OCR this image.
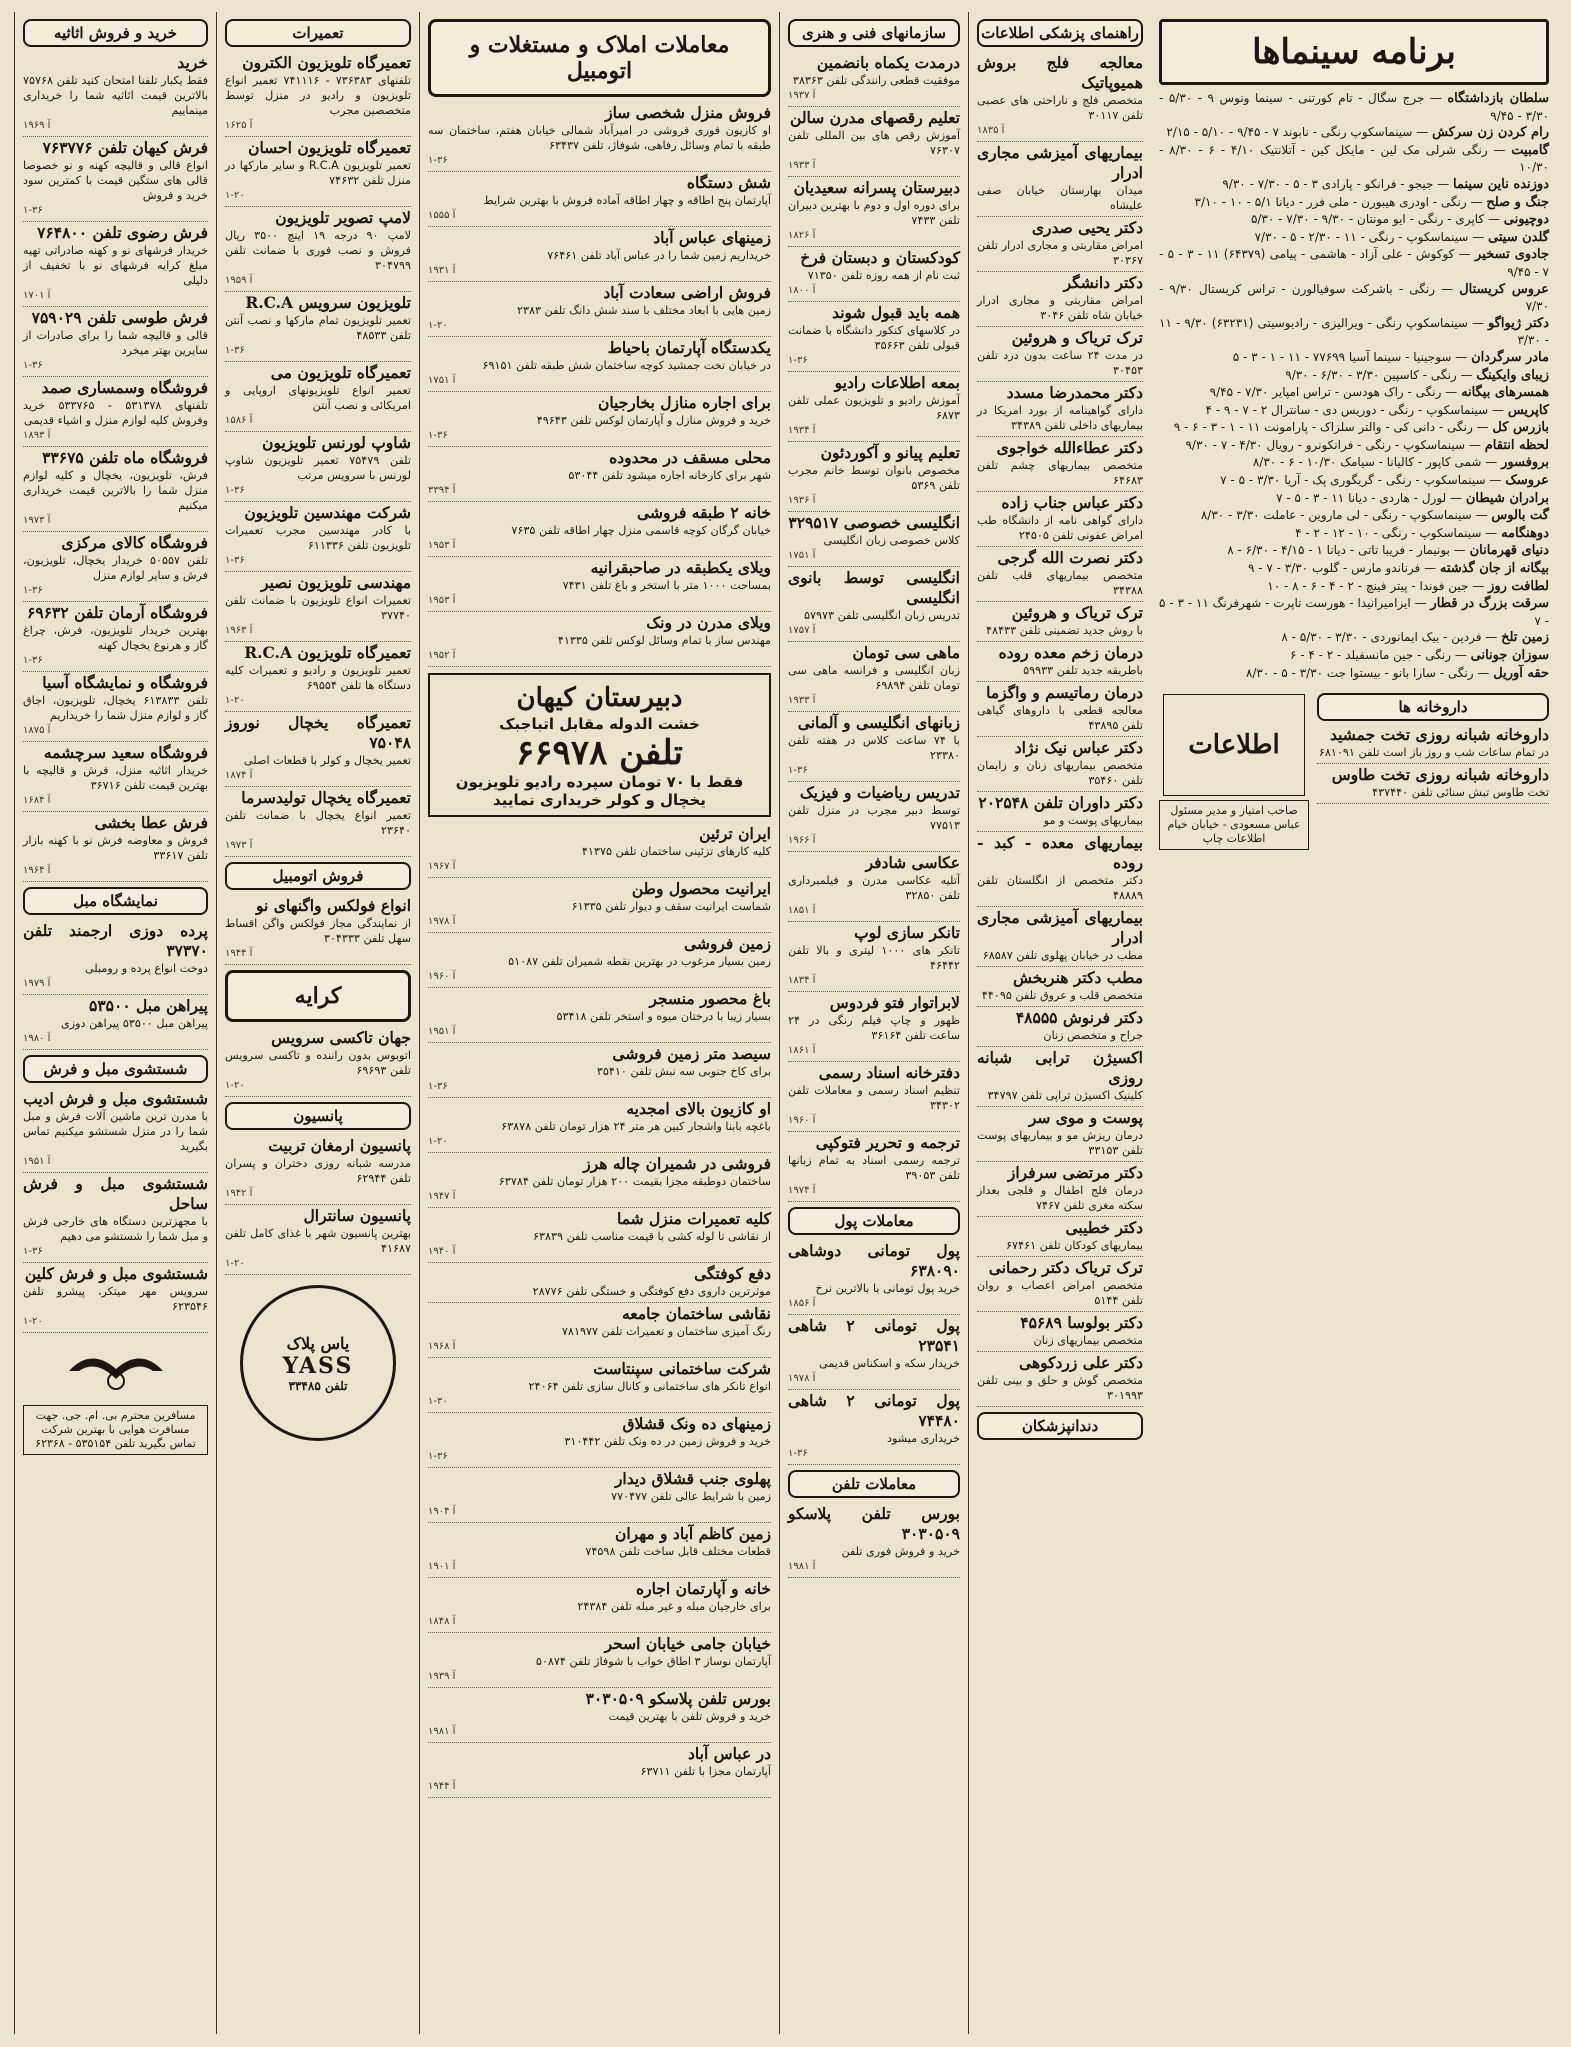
خرید و فروش اثاثیه
خرید
فقط یکبار تلفنا امتحان کنید تلفن ۷۵۷۶۸ بالاترین قیمت اثاثیه شما را خریداری مینماییم
آ ۱۹۶۹
فرش کیهان تلفن ۷۶۳۷۷۶
انواع قالی و قالیچه کهنه و نو خصوصا قالی های ستگین قیمت با کمترین سود خرید و فروش
۱-۳۶
فرش رضوی تلفن ۷۶۴۸۰۰
خریدار فرشهای نو و کهنه صادراتی تهیه مبلغ کرایه فرشهای نو با تخفیف از دلیلی
آ ۱۷۰۱
فرش طوسی تلفن ۷۵۹۰۲۹
قالی و قالیچه شما را برای صادرات از سایرین بهتر میخرد
۱-۳۶
فروشگاه وسمساری صمد
تلفنهای ۵۳۱۳۷۸ - ۵۳۳۷۶۵ خرید وفروش کلیه لوازم منزل و اشیاء قدیمی
آ ۱۸۹۳
فروشگاه ماه تلفن ۳۳۶۷۵
فرش، تلویزیون، یخچال و کلیه لوازم منزل شما را بالاترین قیمت خریداری میکنیم
آ ۱۹۷۳
فروشگاه کالای مرکزی
تلفن ۵۰۵۵۷ خریدار یخچال، تلویزیون، فرش و سایر لوازم منزل
۱-۳۶
فروشگاه آرمان تلفن ۶۹۶۳۲
بهترین خریدار تلویزیون، فرش، چراغ گاز و هرنوع یخچال کهنه
۱-۳۶
فروشگاه و نمایشگاه آسیا
تلفن ۶۱۳۸۳۳ یخچال، تلویزیون، اجاق گاز و لوازم منزل شما را خریداریم
آ ۱۸۷۵
فروشگاه سعید سرچشمه
خریدار اثاثیه منزل، فرش و قالیچه با بهترین قیمت تلفن ۳۶۷۱۶
آ ۱۶۸۴
فرش عطا بخشی
فروش و معاوضه فرش نو با کهنه بازار تلفن ۳۳۶۱۷
آ ۱۹۶۴
نمایشگاه مبل
پرده دوزی ارجمند تلفن ۳۷۳۷۰
دوخت انواع پرده و رومبلی
آ ۱۹۷۹
پیراهن مبل ۵۳۵۰۰
پیراهن مبل ۵۳۵۰۰ پیراهن دوزی
آ ۱۹۸۰
شستشوی مبل و فرش
شستشوی مبل و فرش ادیب
با مدرن ترین ماشین آلات فرش و مبل شما را در منزل شستشو میکنیم تماس بگیرید
آ ۱۹۵۱
شستشوی مبل و فرش ساحل
با مجهزترین دستگاه های خارجی فرش و مبل شما را شستشو می دهیم
۱-۳۶
شستشوی مبل و فرش کلین
سرویس مهر میتکر، پیشرو تلفن ۶۲۳۵۴۶
۱-۲۰
مسافرین محترم بی. ام. جی. جهت مسافرت هوایی با بهترین شرکت تماس بگیرید تلفن ۵۳۵۱۵۴ - ۶۲۳۶۸
تعمیرات
تعمیرگاه تلویزیون الکترون
تلفنهای ۷۳۶۳۸۳ - ۷۴۱۱۱۶ تعمیر انواع تلویزیون و رادیو در منزل توسط متخصصین مجرب
آ ۱۶۲۵
تعمیرگاه تلویزیون احسان
تعمیر تلویزیون R.C.A و سایر مارکها در منزل تلفن ۷۴۶۳۲
۱-۲۰
لامپ تصویر تلویزیون
لامپ ۹۰ درجه ۱۹ اینچ ۳۵۰۰ ریال فروش و نصب فوری با ضمانت تلفن ۳۰۴۷۹۹
آ ۱۹۵۹
تلویزیون سرویس R.C.A
تعمیر تلویزیون تمام مارکها و نصب آنتن تلفن ۴۸۵۳۳
۱-۳۶
تعمیرگاه تلویزیون می
تعمیر انواع تلویزیونهای اروپایی و امریکائی و نصب آنتن
آ ۱۵۸۶
شاوپ لورنس تلویزیون
تلفن ۷۵۴۷۹ تعمیر تلویزیون شاوپ لورنس با سرویس مرتب
۱-۳۶
شرکت مهندسین تلویزیون
با کادر مهندسین مجرب تعمیرات تلویزیون تلفن ۶۱۱۳۳۶
۱-۳۶
مهندسی تلویزیون نصیر
تعمیرات انواع تلویزیون با ضمانت تلفن ۳۷۷۴۰
آ ۱۹۶۳
تعمیرگاه تلویزیون R.C.A
تعمیر تلویزیون و رادیو و تعمیرات کلیه دستگاه ها تلفن ۶۹۵۵۴
۱-۲۰
تعمیرگاه یخچال نوروز ۷۵۰۴۸
تعمیر یخچال و کولر با قطعات اصلی
آ ۱۸۷۴
تعمیرگاه یخچال تولیدسرما
تعمیر انواع یخچال با ضمانت تلفن ۲۳۶۴۰
آ ۱۹۷۳
فروش اتومبیل
انواع فولکس واگنهای نو
از نمایندگی مجاز فولکس واگن اقساط سهل تلفن ۳۰۴۳۳۳
آ ۱۹۴۴
کرایه
جهان تاکسی سرویس
اتوبوس بدون راننده و تاکسی سرویس تلفن ۶۹۶۹۳
۱-۲۰
پانسیون
پانسیون ارمغان تربیت
مدرسه شبانه روزی دختران و پسران تلفن ۶۲۹۴۴
آ ۱۹۴۲
پانسیون سانترال
بهترین پانسیون شهر با غذای کامل تلفن ۴۱۶۸۷
۱-۲۰
یاس پلاک
YASS
تلفن ۳۳۴۸۵
معاملات املاک و مستغلات و اتومبیل
فروش منزل شخصی ساز
او کازیون فوری فروشی در امیرآباد شمالی خیابان هفتم، ساختمان سه طبقه با تمام وسائل رفاهی، شوفاژ، تلفن ۶۳۴۳۷
۱-۳۶
شش دستگاه
آپارتمان پنج اطاقه و چهار اطاقه آماده فروش با بهترین شرایط
آ ۱۵۵۵
زمینهای عباس آباد
خریداریم زمین شما را در عباس آباد تلفن ۷۶۴۶۱
آ ۱۹۳۱
فروش اراضی سعادت آباد
زمین هایی با ابعاد مختلف با سند شش دانگ تلفن ۲۳۸۳
۱-۲۰
یکدستگاه آپارتمان باحیاط
در خیابان تخت جمشید کوچه ساختمان شش طبقه تلفن ۶۹۱۵۱
آ ۱۷۵۱
برای اجاره منازل بخارجیان
خرید و فروش منازل و آپارتمان لوکس تلفن ۴۹۶۴۳
۱-۳۶
محلی مسقف در محدوده
شهر برای کارخانه اجاره میشود تلفن ۵۳۰۴۴
آ ۳۳۹۴
خانه ۲ طبقه فروشی
خیابان گرگان کوچه قاسمی منزل چهار اطاقه تلفن ۷۶۳۵
آ ۱۹۵۳
ویلای یکطبقه در صاحبقرانیه
بمساحت ۱۰۰۰ متر با استخر و باغ تلفن ۷۴۳۱
آ ۱۹۵۳
ویلای مدرن در ونک
مهندس ساز با تمام وسائل لوکس تلفن ۴۱۳۳۵
آ ۱۹۵۲
دبیرستان کیهان
خشت الدوله مقابل اتباجبک
تلفن ۶۶۹۷۸
فقط با ۷۰ تومان سپرده رادیو تلویزیون یخچال و کولر خریداری نمایید
ایران ترئین
کلیه کارهای تزئینی ساختمان تلفن ۴۱۳۷۵
آ ۱۹۶۷
ایرانیت محصول وطن
شماست ایرانیت سقف و دیوار تلفن ۶۱۳۳۵
آ ۱۹۷۸
زمین فروشی
زمین بسیار مرغوب در بهترین نقطه شمیران تلفن ۵۱۰۸۷
آ ۱۹۶۰
باغ محصور منسجر
بسیار زیبا با درختان میوه و استخر تلفن ۵۳۴۱۸
آ ۱۹۵۱
سیصد متر زمین فروشی
برای کاخ جنوبی سه نبش تلفن ۳۵۴۱۰
۱-۳۶
او کازیون بالای امجدیه
باغچه بابنا واشجار کبین هر متر ۲۴ هزار تومان تلفن ۶۳۸۷۸
۱-۲۰
فروشی در شمیران چاله هرز
ساختمان دوطبقه مجزا بقیمت ۲۰۰ هزار تومان تلفن ۶۳۷۸۴
آ ۱۹۴۷
کلیه تعمیرات منزل شما
از نقاشی تا لوله کشی با قیمت مناسب تلفن ۶۳۸۳۹
آ ۱۹۴۰
دفع کوفتگی
موثرترین داروی دفع کوفتگی و خستگی تلفن ۲۸۷۷۶
نقاشی ساختمان جامعه
رنگ آمیزی ساختمان و تعمیرات تلفن ۷۸۱۹۷۷
آ ۱۹۶۸
شرکت ساختمانی سپنتاست
انواع تانکر های ساختمانی و کانال سازی تلفن ۲۴۰۶۴
۱-۳۰
زمینهای ده ونک قشلاق
خرید و فروش زمین در ده ونک تلفن ۳۱۰۴۴۲
۱-۳۶
پهلوی جنب قشلاق دیدار
زمین با شرایط عالی تلفن ۷۷۰۴۷۷
آ ۱۹۰۴
زمین کاظم آباد و مهران
قطعات مختلف قابل ساخت تلفن ۷۴۵۹۸
آ ۱۹۰۱
خانه و آپارتمان اجاره
برای خارجیان مبله و غیر مبله تلفن ۲۴۳۸۴
آ ۱۸۴۸
خیابان جامی خیابان اسحر
آپارتمان نوساز ۳ اطاق خواب با شوفاژ تلفن ۵۰۸۷۴
آ ۱۹۳۹
بورس تلفن پلاسکو ۳۰۳۰۵۰۹
خرید و فروش تلفن با بهترین قیمت
آ ۱۹۸۱
در عباس آباد
آپارتمان مجزا با تلفن ۶۳۷۱۱
آ ۱۹۴۴
سازمانهای فنی و هنری
درمدت یکماه بانضمین
موفقیت قطعی رانندگی تلفن ۳۸۳۶۳
آ ۱۹۳۷
تعلیم رقصهای مدرن سالن
آموزش رقص های بین المللی تلفن ۷۶۳۰۷
آ ۱۹۳۳
دبیرستان پسرانه سعیدیان
برای دوره اول و دوم با بهترین دبیران تلفن ۷۴۳۳
آ ۱۸۲۶
کودکستان و دبستان فرخ
ثبت نام از همه روزه تلفن ۷۱۳۵۰
آ ۱۸۰۰
همه باید قبول شوند
در کلاسهای کنکور دانشگاه با ضمانت قبولی تلفن ۳۵۶۶۳
۱-۳۶
بمعه اطلاعات رادیو
آموزش رادیو و تلویزیون عملی تلفن ۶۸۷۳
آ ۱۹۳۴
تعلیم پیانو و آکوردئون
مخصوص بانوان توسط خانم مجرب تلفن ۵۳۶۹
آ ۱۹۳۶
انگلیسی خصوصی ۳۲۹۵۱۷
کلاس خصوصی زبان انگلیسی
آ ۱۷۵۱
انگلیسی توسط بانوی انگلیسی
تدریس زبان انگلیسی تلفن ۵۷۹۷۳
آ ۱۷۵۷
ماهی سی تومان
زبان انگلیسی و فرانسه ماهی سی تومان تلفن ۶۹۸۹۴
آ ۱۹۳۳
زبانهای انگلیسی و آلمانی
با ۷۴ ساعت کلاس در هفته تلفن ۲۳۳۸۰
۱-۳۶
تدریس ریاضیات و فیزیک
توسط دبیر مجرب در منزل تلفن ۷۷۵۱۳
آ ۱۹۶۶
عکاسی شادفر
آتلیه عکاسی مدرن و فیلمبرداری تلفن ۳۲۸۵۰
آ ۱۸۵۱
تانکر سازی لوپ
تانکر های ۱۰۰۰ لیتری و بالا تلفن ۴۶۴۴۲
آ ۱۸۳۴
لابراتوار فتو فردوس
ظهور و چاپ فیلم رنگی در ۲۴ ساعت تلفن ۳۶۱۶۴
آ ۱۸۶۱
دفترخانه اسناد رسمی
تنظیم اسناد رسمی و معاملات تلفن ۳۴۳۰۲
آ ۱۹۶۰
ترجمه و تحریر فتوکپی
ترجمه رسمی اسناد به تمام زبانها تلفن ۳۹۰۵۳
آ ۱۹۷۴
معاملات پول
پول تومانی دوشاهی ۶۳۸۰۹۰
خرید پول تومانی با بالاترین نرخ
آ ۱۸۵۶
پول تومانی ۲ شاهی ۲۳۵۴۱
خریدار سکه و اسکناس قدیمی
آ ۱۹۷۸
پول تومانی ۲ شاهی ۷۴۴۸۰
خریداری میشود
۱-۳۶
معاملات تلفن
بورس تلفن پلاسکو ۳۰۳۰۵۰۹
خرید و فروش فوری تلفن
آ ۱۹۸۱
راهنمای پزشکی اطلاعات
معالجه فلج بروش همیوپاتیک
متخصص فلج و ناراحتی های عصبی تلفن ۳۰۱۱۷
آ ۱۸۳۵
بیماریهای آمیزشی مجاری ادرار
میدان بهارستان خیابان صفی علیشاه
دکتر یحیی صدری
امراض مقاربتی و مجاری ادرار تلفن ۳۰۳۶۷
دکتر دانشگر
امراض مقاربتی و مجاری ادرار خیابان شاه تلفن ۳۰۴۶
ترک تریاک و هروئین
در مدت ۲۴ ساعت بدون درد تلفن ۳۰۴۵۳
دکتر محمدرضا مسدد
دارای گواهینامه از بورد امریکا در بیماریهای داخلی تلفن ۳۴۳۸۹
دکتر عطاءالله خواجوی
متخصص بیماریهای چشم تلفن ۶۴۶۸۳
دکتر عباس جناب زاده
دارای گواهی نامه از دانشگاه طب امراض عفونی تلفن ۲۴۵۰۵
دکتر نصرت الله گرجی
متخصص بیماریهای قلب تلفن ۳۴۳۸۸
ترک تریاک و هروئین
با روش جدید تضمینی تلفن ۴۸۴۳۳
درمان زخم معده روده
باطریقه جدید تلفن ۵۹۹۳۳
درمان رماتیسم و واگزما
معالجه قطعی با داروهای گیاهی تلفن ۴۳۸۹۵
دکتر عباس نیک نژاد
متخصص بیماریهای زنان و زایمان تلفن ۳۵۴۶۰
دکتر داوران تلفن ۲۰۲۵۴۸
بیماریهای پوست و مو
بیماریهای معده - کبد - روده
دکتر متخصص از انگلستان تلفن ۴۸۸۸۹
بیماریهای آمیزشی مجاری ادرار
مطب در خیابان پهلوی تلفن ۶۸۵۸۷
مطب دکتر هنربخش
متخصص قلب و عروق تلفن ۴۴۰۹۵
دکتر فرنوش ۴۸۵۵۵
جراح و متخصص زنان
اکسیژن ترابی شبانه روزی
کلینیک اکسیژن تراپی تلفن ۳۴۷۹۷
پوست و موی سر
درمان ریزش مو و بیماریهای پوست تلفن ۳۳۱۵۳
دکتر مرتضی سرفراز
درمان فلج اطفال و فلجی بعداز سکته مغزی تلفن ۷۴۶۷
دکتر خطیبی
بیماریهای کودکان تلفن ۶۷۴۶۱
ترک تریاک دکتر رحمانی
متخصص امراض اعصاب و روان تلفن ۵۱۴۴
دکتر بولوسا ۴۵۶۸۹
متخصص بیماریهای زنان
دکتر علی زردکوهی
متخصص گوش و حلق و بینی تلفن ۳۰۱۹۹۳
دندانپزشکان
برنامه سینماها
سلطان بازداشتگاه — جرج سگال - تام کورتنی - سینما ونوس ۹ - ۵/۳۰ - ۳/۳۰ - ۹/۴۵
رام کردن زن سرکش — سینماسکوپ رنگی - نابوند ۷ - ۹/۴۵ - ۵/۱۰ - ۲/۱۵
گامبیت — رنگی شرلی مک لین - مایکل کین - آتلانتیک ۴/۱۰ - ۶ - ۸/۳۰ - ۱۰/۳۰
دوزنده ناین سینما — جیجو - فرانکو - پارادی ۳ - ۵ - ۷/۳۰ - ۹/۳۰
جنگ و صلح — رنگی - اودری هیبورن - ملی فرر - دیانا ۵/۱ - ۱۰ - ۳/۱۰
دوچیونی — کاپری - رنگی - ایو مونتان - ۹/۳۰ - ۷/۳۰ - ۵/۳۰
گلدن سیتی — سینماسکوپ - رنگی - ۱۱ - ۲/۳۰ - ۵ - ۷/۳۰
جادوی تسخیر — کوکوش - علی آزاد - هاشمی - پیامی (۶۴۳۷۹) ۱۱ - ۳ - ۵ - ۷ - ۹/۴۵
عروس کریستال — رنگی - باشرکت سوفیالورن - تراس کریستال ۹/۳۰ - ۷/۳۰
دکتر ژیواگو — سینماسکوپ رنگی - ویرالیزی - رادیوسیتی (۶۳۲۳۱) ۹/۳۰ - ۱۱ - ۳/۳۰
مادر سرگردان — سوجینیا - سینما آسیا ۷۷۶۹۹ - ۱۱ - ۱ - ۳ - ۵
زیبای وایکینگ — رنگی - کاسپین ۳/۳۰ - ۶/۳۰ - ۹/۳۰
همسرهای بیگانه — رنگی - راک هودسن - تراس امپایر ۷/۳۰ - ۹/۴۵
کاپریس — سینماسکوپ - رنگی - دوریس دی - سانترال ۲ - ۷ - ۹ - ۴
بازرس کل — رنگی - دانی کی - والتر سلزاک - پارامونت ۱۱ - ۱ - ۳ - ۶ - ۹
لحظه انتقام — سینماسکوپ - رنگی - فرانکونرو - رویال ۴/۳۰ - ۷ - ۹/۳۰
بروفسور — شمی کاپور - کالیانا - سیامک ۱۰/۳۰ - ۶ - ۸/۳۰
عروسک — سینماسکوپ - رنگی - گریگوری پک - آریا ۳/۳۰ - ۵ - ۷
برادران شیطان — لورل - هاردی - دیانا ۱۱ - ۳ - ۵ - ۷
گت بالوس — سینماسکوپ - رنگی - لی ماروین - عاملت ۳/۳۰ - ۸/۳۰
دوهنگامه — سینماسکوپ - رنگی - ۱۰ - ۱۲ - ۲ - ۴
دنیای قهرمانان — بونیمار - فریبا تاتی - دیانا ۱ - ۴/۱۵ - ۶/۳۰ - ۸
بیگانه از جان گذشته — فرناندو مارس - گلوب ۳/۳۰ - ۷ - ۹
لطافت روز — جین فوندا - پیتر فینچ - ۲ - ۴ - ۶ - ۸ - ۱۰
سرقت بزرگ در قطار — ایزامیرانیدا - هورست تاپرت - شهرفرنگ ۱۱ - ۳ - ۵ - ۷
زمین تلخ — فردین - بیک ایمانوردی - ۳/۳۰ - ۵/۳۰ - ۸
سوزان جونانی — رنگی - جین مانسفیلد - ۲ - ۴ - ۶
حقه آوریل — رنگی - سارا بانو - بیستوا جت ۳/۳۰ - ۵ - ۸/۳۰
داروخانه ها
داروخانه شبانه روزی تخت جمشید
در تمام ساعات شب و روز باز است تلفن ۶۸۱۰۹۱
داروخانه شبانه روزی تخت طاوس
تخت طاوس تبش سنائی تلفن ۴۳۷۴۴۰
اطلاعات
صاحب امتیاز و مدیر مسئول عباس مسعودی - خیابان خیام اطلاعات چاپ
